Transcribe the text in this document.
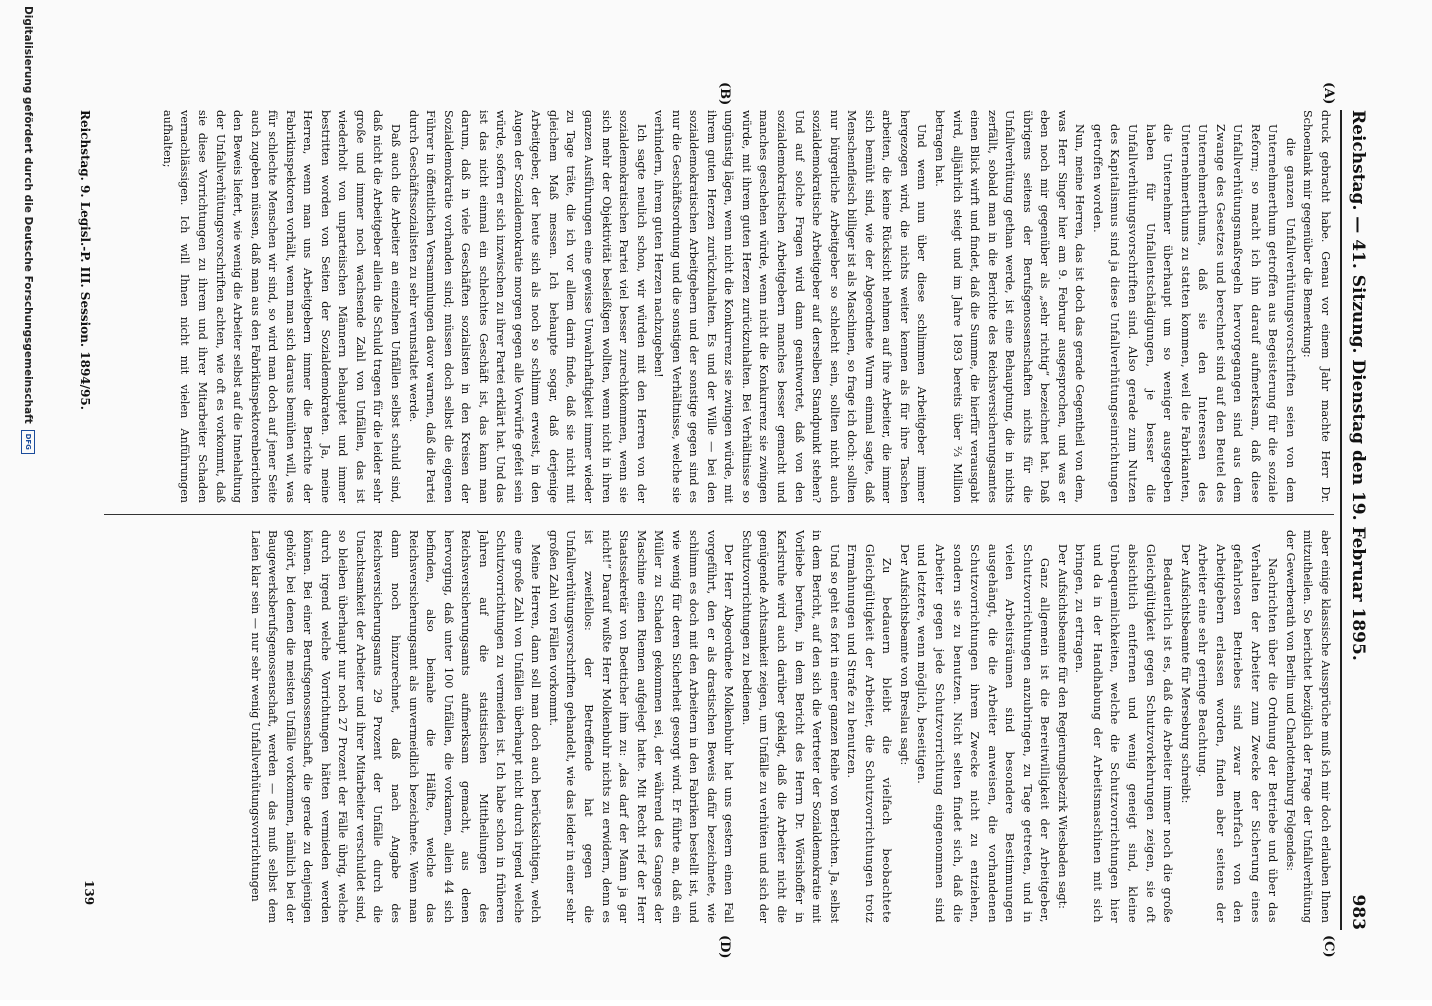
Reichstag. — 41. Sitzung. Dienstag den 19. Februar 1895.
983
(A)
(B)
(C)
(D)

druck gebracht habe. Genau vor einem Jahr machte Herr Dr. Schoenlank mir gegenüber die Bemerkung:

die ganzen Unfallverhütungsvorschriften seien von dem Unternehmerthum getroffen aus Begeisterung für die soziale Reform; so macht ich ihn darauf aufmerksam, daß diese Unfallverhütungsmaßregeln hervorgegangen sind aus dem Zwange des Gesetzes und berechnet sind auf den Beutel des Unternehmerthums, daß sie den Interessen des Unternehmerthums zu statten kommen, weil die Fabrikanten, die Unternehmer überhaupt um so weniger ausgegeben haben für Unfallentschädigungen, je besser die Unfallverhütungsvorschriften sind. Also gerade zum Nutzen des Kapitalismus sind ja diese Unfallverhütungseinrichtungen getroffen worden.

Nun, meine Herren, das ist doch das gerade Gegentheil von dem, was Herr Singer hier am 9. Februar ausgesprochen, und was er eben noch mir gegenüber als „sehr richtig“ bezeichnet hat. Daß übrigens seitens der Berufsgenossenschaften nichts für die Unfallverhütung gethan werde, ist eine Behauptung, die in nichts zerfällt, sobald man in die Berichte des Reichsversicherungsamtes einen Blick wirft und findet, daß die Summe, die hierfür verausgabt wird, alljährlich steigt und im Jahre 1893 bereits über ⅔ Million betragen hat.

Und wenn nun über diese schlimmen Arbeitgeber immer hergezogen wird, die nichts weiter kennen als für ihre Taschen arbeiten, die keine Rücksicht nehmen auf ihre Arbeiter, die immer sich bemüht sind, wie der Abgeordnete Wurm einmal sagte, daß Menschenfleisch billiger ist als Maschinen, so frage ich doch: sollten nur bürgerliche Arbeitgeber so schlecht sein, sollten nicht auch sozialdemokratische Arbeitgeber auf derselben Standpunkt stehen? Und auf solche Fragen wird dann geantwortet, daß von den sozialdemokratischen Arbeitgebern manches besser gemacht und manches geschehen würde, wenn nicht die Konkurrenz sie zwingen würde, mit ihrem guten Herzen zurückzuhalten. Bei Verhältnisse so ungünstig lägen, wenn nicht die Konkurrenz sie zwingen würde, mit ihrem guten Herzen zurückzuhalten. Es und der Wille — bei den sozialdemokratischen Arbeitgebern und der sonstige gegen sind es nur die Geschäftsordnung und die sonstigen Verhältnisse, welche sie verhindern, ihrem guten Herzen nachzugeben!

Ich sagte neulich schon, wir würden mit den Herren von der sozialdemokratischen Partei viel besser zurechtkommen, wenn sie sich mehr der Objektivität besleißigen wollten, wenn nicht in ihren ganzen Ausführungen eine gewisse Unwahrhaftigkeit immer wieder zu Tage träte, die ich vor allem darin finde, daß sie nicht mit gleichem Maß messen. Ich behaupte sogar, daß derjenige Arbeitgeber, der heute sich als noch so schlimm erweist, in den Augen der Sozialdemokratie morgen gegen alle Vorwürfe gefeit sein würde, sofern er sich inzwischen zu ihrer Partei erklärt hat. Und das ist das nicht einmal ein schlechtes Geschäft ist, das kann man darum, daß in viele Geschäften sozialisten in den Kreisen der Sozialdemokratie vorhanden sind; müssen doch selbst die eigenen Führer in öffentlichen Versammlungen davor warnen, daß die Partei durch Geschäftssozialisten zu sehr verunstaltet werde.

Daß auch die Arbeiter an einzelnen Unfällen selbst schuld sind, daß nicht die Arbeitgeber allein die Schuld tragen für die leider sehr große und immer noch wachsende Zahl von Unfällen, das ist wiederholt von unparteiischen Männern behauptet und immer bestritten worden von Seiten der Sozialdemokraten. Ja, meine Herren, wenn man uns Arbeitgebern immer die Berichte der Fabrikinspektoren vorhält, wenn man sich daraus bemühen will, was für schlechte Menschen wir sind, so wird man doch auf jener Seite auch zugeben müssen, daß man aus den Fabrikinspektorenberichten den Beweis liefert, wie wenig die Arbeiter selbst auf die Innehaltung der Unfallverhütungsvorschriften achten, wie oft es vorkommt, daß sie diese Vorrichtungen zu ihrem und ihrer Mitarbeiter Schaden vernachlässigen. Ich will Ihnen nicht mit vielen Anführungen aufhalten;

aber einige klassische Aussprüche muß ich mir doch erlauben Ihnen mitzutheilen. So berichtet bezüglich der Frage der Unfallverhütung der Gewerberath von Berlin und Charlottenburg Folgendes:

Nachrichten über die Ordnung der Betriebe und über das Verhalten der Arbeiter zum Zwecke der Sicherung eines gefahrlosen Betriebes sind zwar mehrfach von den Arbeitgebern erlassen worden, finden aber seitens der Arbeiter eine sehr geringe Beachtung.

Der Aufsichtsbeamte für Merseburg schreibt:

Bedauerlich ist es, daß die Arbeiter immer noch die große Gleichgültigkeit gegen Schutzvorkehrungen zeigen, sie oft absichtlich entfernen und wenig geneigt sind, kleine Unbequemlichkeiten, welche die Schutzvorrichtungen hier und da in der Handhabung der Arbeitsmaschinen mit sich bringen, zu ertragen.

Der Aufsichtsbeamte für den Regierungsbezirk Wiesbaden sagt:

Ganz allgemein ist die Bereitwilligkeit der Arbeitgeber, Schutzvorrichtungen anzubringen, zu Tage getreten, und in vielen Arbeitsräumen sind besondere Bestimmungen ausgehängt, die die Arbeiter anweisen, die vorhandenen Schutzvorrichtungen ihrem Zwecke nicht zu entziehen, sondern sie zu benutzen. Nicht selten findet sich, daß die Arbeiter gegen jede Schutzvorrichtung eingenommen sind und letztere, wenn möglich, beseitigen.

Der Aufsichtsbeamte von Breslau sagt:

Zu bedauern bleibt die vielfach beobachtete Gleichgültigkeit der Arbeiter, die Schutzvorrichtungen trotz Ermahnungen und Strafe zu benutzen.

Und so geht es fort in einer ganzen Reihe von Berichten. Ja, selbst in dem Bericht, auf den sich die Vertreter der Sozialdemokratie mit Vorliebe berufen, in dem Bericht des Herrn Dr. Wörishoffer in Karlsruhe wird auch darüber geklagt, daß die Arbeiter nicht die genügende Achtsamkeit zeigen, um Unfälle zu verhüten und sich der Schutzvorrichtungen zu bedienen.

Der Herr Abgeordnete Molkenbuhr hat uns gestern einen Fall vorgeführt, den er als drastischen Beweis dafür bezeichnete, wie schlimm es doch mit den Arbeitern in den Fabriken bestellt ist, und wie wenig für deren Sicherheit gesorgt wird. Er führte an, daß ein Müller zu Schaden gekommen sei, der während des Ganges der Maschine einen Riemen aufgelegt hatte. Mit Recht rief der Herr Staatssekretär von Boetticher ihm zu: „das darf der Mann ja gar nicht!“ Darauf wußte Herr Molkenbuhr nichts zu erwidern, denn es ist zweifellos: der Betreffende hat gegen die Unfallverhütungsvorschriften gehandelt, wie das leider in einer sehr großen Zahl von Fällen vorkommt.

Meine Herren, dann soll man doch auch berücksichtigen, welch eine große Zahl von Unfällen überhaupt nicht durch irgend welche Schutzvorrichtungen zu vermeiden ist. Ich habe schon in früheren Jahren auf die statistischen Mittheilungen des Reichsversicherungsamts aufmerksam gemacht, aus denen hervorging, daß unter 100 Unfällen, die vorkamen, allein 44 sich befinden, also beinahe die Hälfte, welche das Reichsversicherungsamt als unvermeidlich bezeichnete. Wenn man dann noch hinzurechnet, daß nach Angabe des Reichsversicherungsamts 29 Prozent der Unfälle durch die Unachtsamkeit der Arbeiter und ihrer Mitarbeiter verschuldet sind, so bleiben überhaupt nur noch 27 Prozent der Fälle übrig, welche durch irgend welche Vorrichtungen hätten vermieden werden können. Bei einer Berufsgenossenschaft, die gerade zu denjenigen gehört, bei denen die meisten Unfälle vorkommen, nämlich bei der Baugewerksberufsgenossenschaft, werden — das muß selbst dem Laien klar sein — nur sehr wenig Unfallverhütungsvorrichtungen

Reichstag. 9. Legisl.-P. III. Session. 1894/95.
139
Digitalisierung gefördert durch die Deutsche Forschungsgemeinschaft
DFG
